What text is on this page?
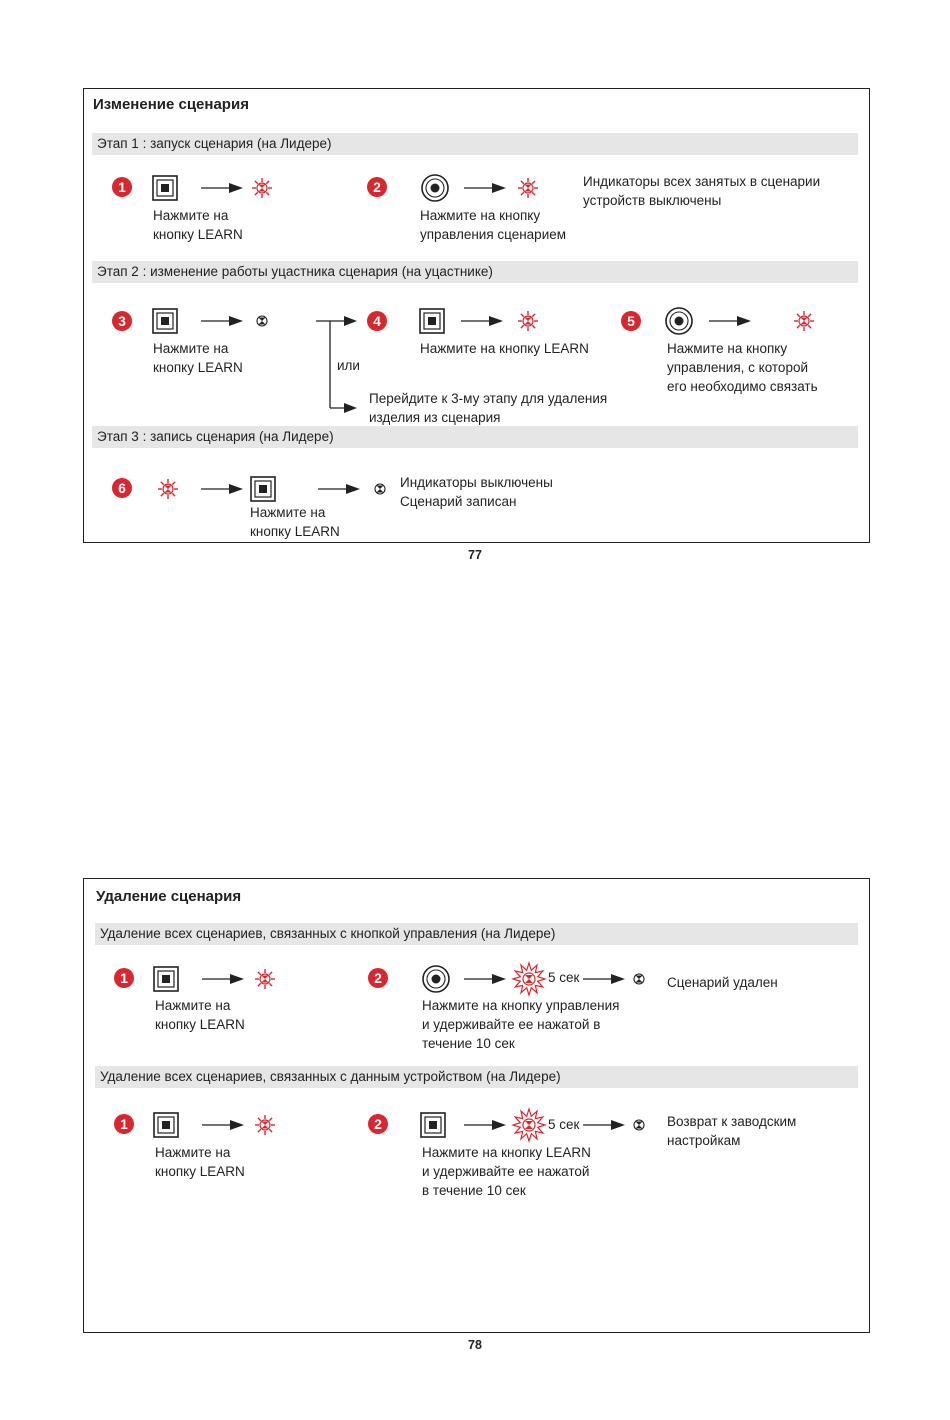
Изменение сценария
Этап 1 : запуск сценария (на Лидере)
Этап 2 : изменение работы уцастника сценария (на уцастнике)
Этап 3 : запись сценария (на Лидере)
1
Нажмите на
кнопку LEARN
2
Нажмите на кнопку
управления сценарием
Индикаторы всех занятых в сценарии
устройств выключены
3
Нажмите на
кнопку LEARN	или
Перейдите к 3-му этапу для удаления
изделия из сценария
4
Нажмите на кнопку LEARN
5
Нажмите на кнопку
управления, с которой
его необходимо связать
6
Нажмите на
кнопку LEARN
Индикаторы выключены
Сценарий записан
77
Удаление сценария
Удаление всех сценариев, связанных с кнопкой управления (на Лидере)
Удаление всех сценариев, связанных с данным устройством (на Лидере)
1
Нажмите на
кнопку LEARN
2	5 сек
Нажмите на кнопку управления
и удерживайте ее нажатой в
течение 10 сек
Сценарий удален
1
Нажмите на
кнопку LEARN
2	5 сек
Нажмите на кнопку LEARN
и удерживайте ее нажатой
в течение 10 сек
Возврат к заводским
настройкам
78
